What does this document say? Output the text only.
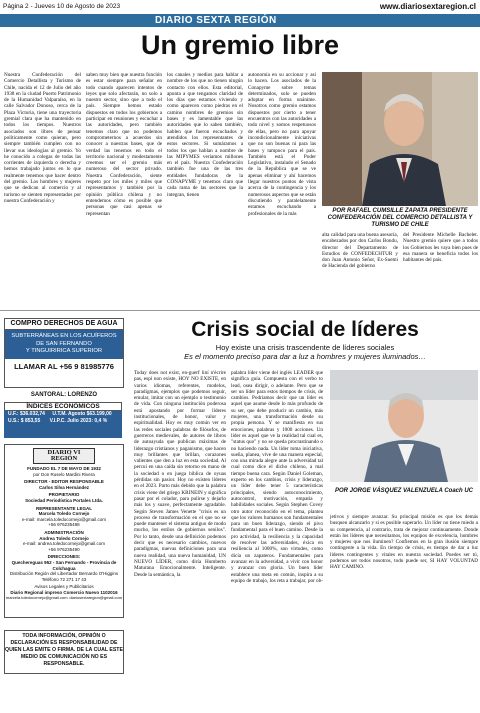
Página 2 - Jueves 10 de Agosto de 2023	www.diariosextaregion.cl
DIARIO SEXTA REGIÓN
Un gremio libre
Nuestra Confederación del Comercio Detallista y Turismo de Chile, nacida el 12 de Julio del año 1938 en la ciudad Puerto Patrimonio de la Humanidad Valparaíso, en la calle Salvador Donoso, cerca de la Plaza Victoria, tiene una trayectoria gremial clara que ha mantenido en todos los tiempos. Nuestros asociados son libres de pensar políticamente como quieran, pero siempre también cumplen con no llevar sus ideologías al gremio. Yo he conocido a colegas de todas las corrientes de izquierda o derecha y hemos trabajado juntos en lo que realmente tenemos que hacer dentro del gremio. Los hombres y mujeres que se dedican al comercio y al turismo se sienten representados por nuestra Confederación y
saben muy bien que nuestra función es estar siempre para señalar en todo cuando aparecen intentos de leyes que solo afectarán, no solo a nuestro sector, sino que a todo el país. Siempre hemos estado dispuestos en todos los gobiernos a participar en reuniones y escuchar a las autoridades, pero también tenemos claro que no podemos comprometernos a acuerdos sin conocer a nuestras bases, que de verdad las tenemos en todo el territorio nacional y modestamente creemos ser el gremio más numeroso del sector privado. Nuestra Confederación, siente respeto por los miles y miles que representamos y también por la opinión pública chilena y no entendemos cómo es posible que personas que casi apenas se representan
los canales y medios para hablar a nombre de los que no tienen ningún contacto con ellos. Esta editorial, apunta a que tengamos claridad de los días que estamos viviendo y como aparecen como piedras en el camino nombres de gremios sin bases y es lamentable que las autoridades que lo saben también, hablen que fueron escuchados y atendidos los representantes de estos sectores. Si sumáramos a todos los que hablan a nombre de las MIPYMES veríamos millones en el país. Nuestra Confederación también fue una de las tres entidades fundadoras de la CONAPYME y tenemos claro que cada rama de las sectores que la integran, tienen
autonomía en su accionar y así lo hacen. Los asociados de la Conapyme sobre temas determinados, solo se pueden adoptar en forma unánime. Nosotros como gremio estamos dispuestos por cierto a tener encuentros con las autoridades a todo nivel y somos respetuosos de ellas, pero no para apoyar incondicionalmente iniciativas que no son buenas ni para las bases y tampoco para el país. También está el Poder Legislativo, instalado el Senado de la República que se ve apenas eliminar y ahí hacemos llegar nuestros puntos de vista acerca de la contingencia y los numerosos aspectos que se están discutiendo y paralelamente estamos escuchando a profesionales de la más	POR RAFAEL CUMSILLE ZAPATA PRESIDENTE CONFEDERACIÓN DEL COMERCIO DETALLISTA Y TURISMO DE CHILE
alta calidad para una buena asesoría, encabezados por don Carlos Bondu, director del Departamento de Estudios de CONFEDECHTUR y don Juan Antonio Señor, Ex-Suemi de Hacienda del gobierno
del Presidente Michelle Bachelet. Nuestro gremio quiere que a todos los Gobiernos les vaya bien pues de esa manera se beneficia todos los habitantes del país.
COMPRO DERECHOS DE AGUA
SUBTERRÁNEAS EN LOS ACUÍFEROS
DE SAN FERNANDO
Y TINGUIRIRICA SUPERIOR
LLAMAR AL +56 9 81985776
SANTORAL: LORENZO
ÍNDICES ECONÓMICOS
U.F.: $36.032,74 U.T.M. Agosto $63.199,00
U.S.: $ 853,55 V.I.P.C. Julio 2023: 0,4 %
DIARIO VI REGIÓN
FUNDADO EL 7 DE MAYO DE 1932
por Don Ruselo Mardini Rivera
DIRECTOR - EDITOR RESPONSABLE
Carlos Silva Hernández
PROPIETARIO
Sociedad Periodística Portales Ltda.
REPRESENTANTE LEGAL
Marcela Toledo Cornejo
e-mail: marcela.toledocornejo@gmail.com
+56 976235488
ADMINISTRACIÓN
Andrea Toledo Cornejo
e-mail: andrea.toledocornejo@gmail.com
+56 976235490
DIRECCIONES:
Quechereguas 952 - San Fernando - Provincia de Colchagua
Distribución Región del Libertador Bernardo O'Higgins
Teléfono 72 271 17 43
Avisos Legales y Publicitarios
Diario Regional impreso Comercio Nuevo 1102016
marcela.toledocornejo@gmail.com diariosextaregion@gmail.com
TODA INFORMACIÓN, OPINIÓN O DECLARACIÓN ES RESPONSABILIDAD DE QUIEN LAS EMITE O FIRMA. DE LA CUAL ESTE MEDIO DE COMUNICACIÓN NO ES RESPONSABLE.
Crisis social de líderes
Hoy existe una crisis trascendente de líderes sociales
Es el momento preciso para dar a luz a hombres y mujeres iluminados…
Today does not exist, en-guerf liní n'écrire pas, espí non existe, HOY NO EXISTE, en varios idiomas, referentes, modelos, paradigmas, ejemplos que podemos seguir, emular, imitar con un ejemplo o testimonio de vida. Con ninguna institución poderosa está apostando por formar líderes institucionales, de honor, valor y espiritualidad. Hoy es muy común ver en las redes sociales palabras de filósofos, de guerreros medievales, de autores de libros de autoayuda que publican máximas de liderazgo cristianos y paganismo, que hacen muy brillantes que brillan, corazones valientes que den a luz en esta sociedad. Al percuí en una caída sin retorno en mano de la sociedad o en juega biblica de oyuas pérdidas sin pasior. Hoy no existen líderes en el 2023. Parto más debido que la palabra crisis viene del griego KRINEIN y significa pasar por el colador, para pulirse y dejarlo más los y suave, perfectamente agradable. Según Steven James Venette "crisis es un proceso de transformación en el que no se puede mantener el sistema antiguo de modo mucho, los estilos de gobiernos senilos". Por lo tanto, desde una definición podemos decir que es necesario cambios, nuevos paradigmas, nuevas definiciones para una nueva realidad, una nueva humanidad, UN NUEVO LÍDER, como diría Humberto Maturana Emocionalmente. Inteligente. Desde la semántica, la
palabra líder viene del inglés LEADER que significa guía. Compuesta con el verbo to lead, osea dirigir, o adelante. Pero que se ser un líder para estos tiempos de crisis, de cambios. Podríamos decir que un líder es aquel que asume desde lo más profundo de su ser, que debe producir un cambio, más mujeres, una transformación desde su propia persona. Y se manifiesta en sus emociones, palabras y 1000 acciones. Un líder es aquel que ve la realidad tal cual es, "status quo" y no se queda procrastinando o no haciendo nada. Un líder toma iniciativa, sueña, planea, vive de una manera especial, con una mirada alegre ante la adversidad tal cual como dice el dicho chileno, a mal tiempo buena cara. Según Daniel Goleman, experto en los cambios, crisis y liderazgo, un líder debe tener 5 características principales, siendo autoconocimiento, autocontrol, motivación, empatía y habilidades sociales. Según Stephen Covey otro autor reconocido en el tema, plantea que los valores humanos son fundamentales para un buen liderazgo, siendo el pivo fundamental para el buen camino. Desde la pro actividad, la resiliencia y la capacidad de resolver las adversidades, éxica en resiliencia al 1000%, son virtudes, como dicía un zapateros. Fundamentales para avanzar en la adversidad, a vivir con honor y avanzar con gloria. Un buen líder establece una meta en común, inspira a su equipo de trabajo, los reta a trabajar, por ob-
POR JORGE VÁSQUEZ VALENZUELA Coach UC
jetivos y siempre avanzar. Su principal misión es que los demás busquen alcanzarlo y si es posible superarlo. Un líder no tiene miedo a su competencia, al contrario, trata de mejorar continuamente. Donde están los líderes que necesitamos, los equipos de excelencia, hombres y mujeres que nos iluminen? Confiemos en la gran ilusión siempre contingente a la vida. En tiempo de crisis, es tiempo de dar a luz líderes contingentes y vitales en nuestra sociedad. Puedes ser tú, podemos ser todos nosotros, todo puede ser, SI HAY VOLUNTAD HAY CAMINO.
